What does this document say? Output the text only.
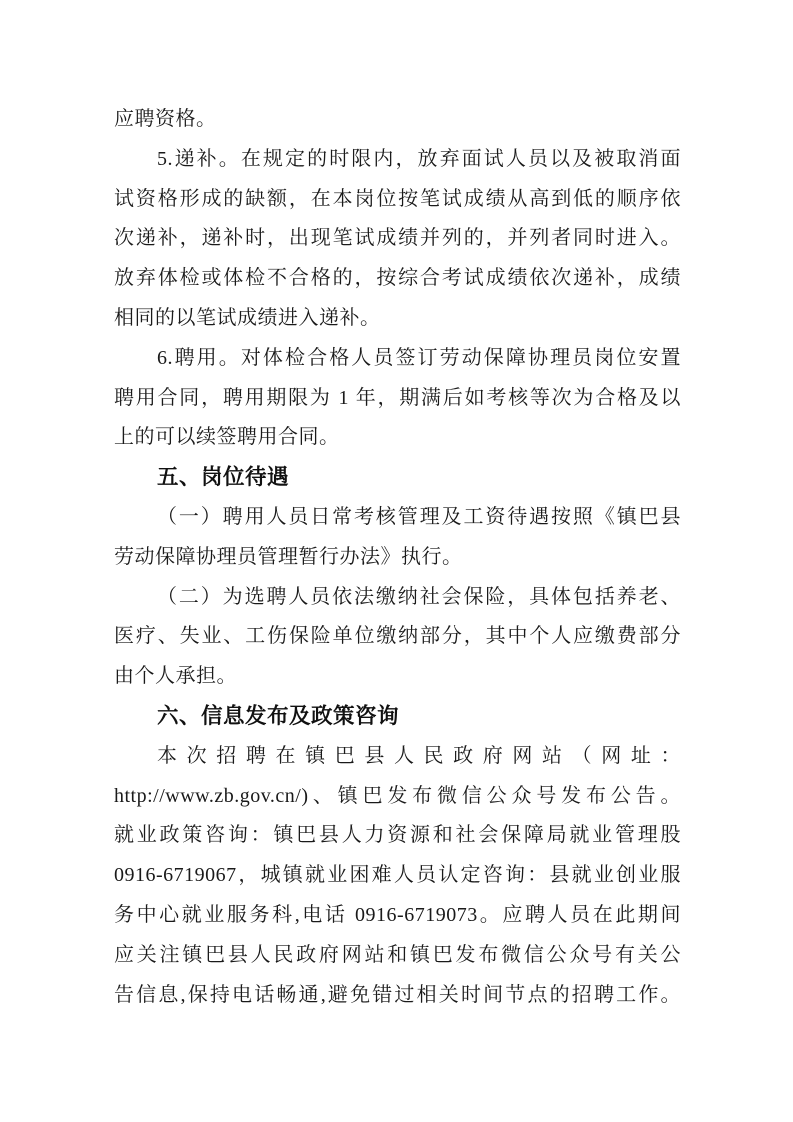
应聘资格。
5.递补。在规定的时限内，放弃面试人员以及被取消面
试资格形成的缺额，在本岗位按笔试成绩从高到低的顺序依
次递补，递补时，出现笔试成绩并列的，并列者同时进入。
放弃体检或体检不合格的，按综合考试成绩依次递补，成绩
相同的以笔试成绩进入递补。
6.聘用。对体检合格人员签订劳动保障协理员岗位安置
聘用合同，聘用期限为 1 年，期满后如考核等次为合格及以
上的可以续签聘用合同。
五、岗位待遇
（一）聘用人员日常考核管理及工资待遇按照《镇巴县
劳动保障协理员管理暂行办法》执行。
（二）为选聘人员依法缴纳社会保险，具体包括养老、
医疗、失业、工伤保险单位缴纳部分，其中个人应缴费部分
由个人承担。
六、信息发布及政策咨询
本次招聘在镇巴县人民政府网站（网址：
http://www.zb.gov.cn/)、镇巴发布微信公众号发布公告。
就业政策咨询：镇巴县人力资源和社会保障局就业管理股
0916-6719067，城镇就业困难人员认定咨询：县就业创业服
务中心就业服务科,电话 0916-6719073。应聘人员在此期间
应关注镇巴县人民政府网站和镇巴发布微信公众号有关公
告信息,保持电话畅通,避免错过相关时间节点的招聘工作。
